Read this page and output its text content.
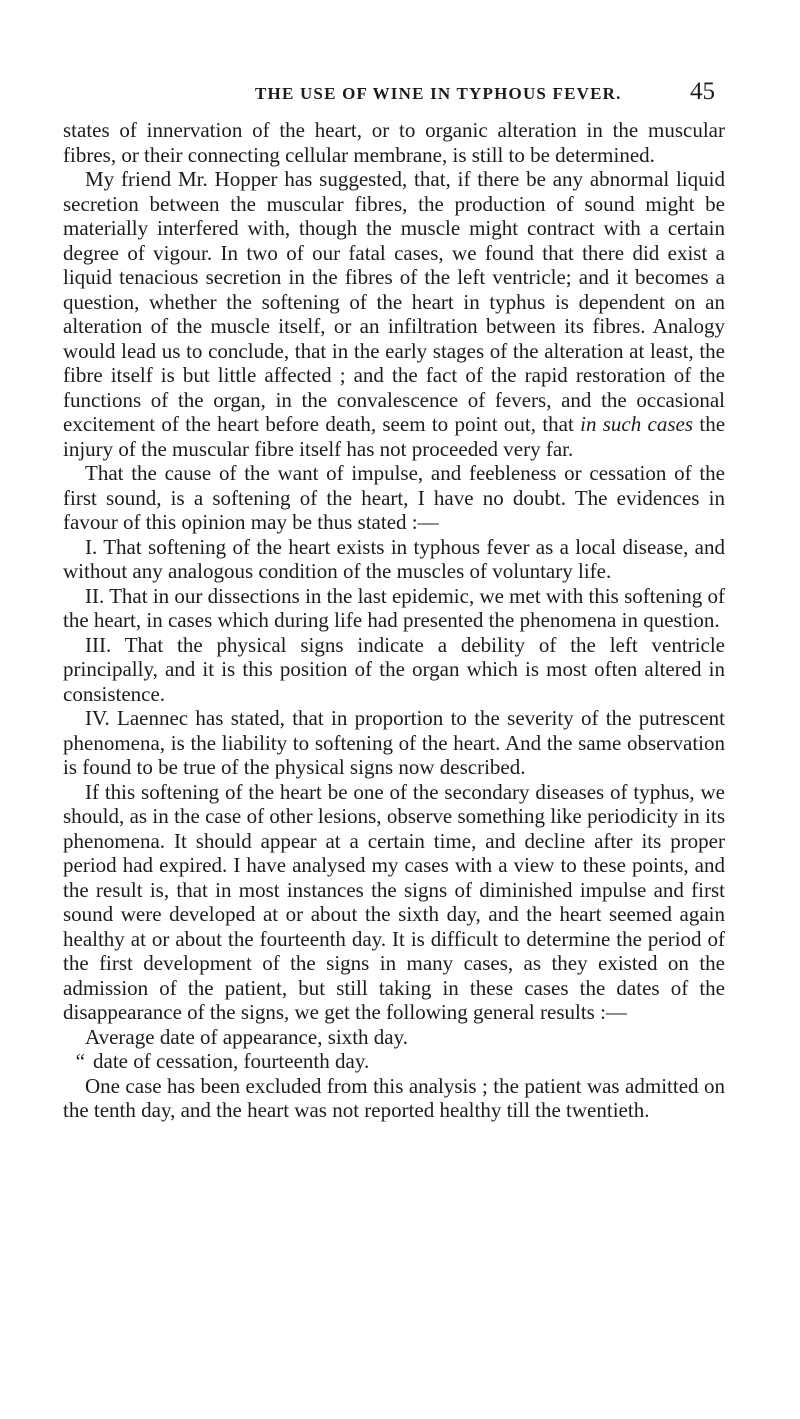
THE USE OF WINE IN TYPHOUS FEVER.	45

states of innervation of the heart, or to organic alteration in the muscular fibres, or their connecting cellular membrane, is still to be determined.

My friend Mr. Hopper has suggested, that, if there be any abnormal liquid secretion between the muscular fibres, the production of sound might be materially interfered with, though the muscle might contract with a certain degree of vigour. In two of our fatal cases, we found that there did exist a liquid tenacious secretion in the fibres of the left ventricle; and it becomes a question, whether the softening of the heart in typhus is dependent on an alteration of the muscle itself, or an infiltration between its fibres. Analogy would lead us to conclude, that in the early stages of the alteration at least, the fibre itself is but little affected ; and the fact of the rapid restoration of the functions of the organ, in the convalescence of fevers, and the occasional excitement of the heart before death, seem to point out, that in such cases the injury of the muscular fibre itself has not proceeded very far.

That the cause of the want of impulse, and feebleness or cessation of the first sound, is a softening of the heart, I have no doubt. The evidences in favour of this opinion may be thus stated :—

I. That softening of the heart exists in typhous fever as a local disease, and without any analogous condition of the muscles of voluntary life.

II. That in our dissections in the last epidemic, we met with this softening of the heart, in cases which during life had presented the phenomena in question.

III. That the physical signs indicate a debility of the left ventricle principally, and it is this position of the organ which is most often altered in consistence.

IV. Laennec has stated, that in proportion to the severity of the putrescent phenomena, is the liability to softening of the heart. And the same observation is found to be true of the physical signs now described.

If this softening of the heart be one of the secondary diseases of typhus, we should, as in the case of other lesions, observe something like periodicity in its phenomena. It should appear at a certain time, and decline after its proper period had expired. I have analysed my cases with a view to these points, and the result is, that in most instances the signs of diminished impulse and first sound were developed at or about the sixth day, and the heart seemed again healthy at or about the fourteenth day. It is difficult to determine the period of the first development of the signs in many cases, as they existed on the admission of the patient, but still taking in these cases the dates of the disappearance of the signs, we get the following general results :—

Average date of appearance, sixth day.

“ date of cessation, fourteenth day.

One case has been excluded from this analysis ; the patient was admitted on the tenth day, and the heart was not reported healthy till the twentieth.
